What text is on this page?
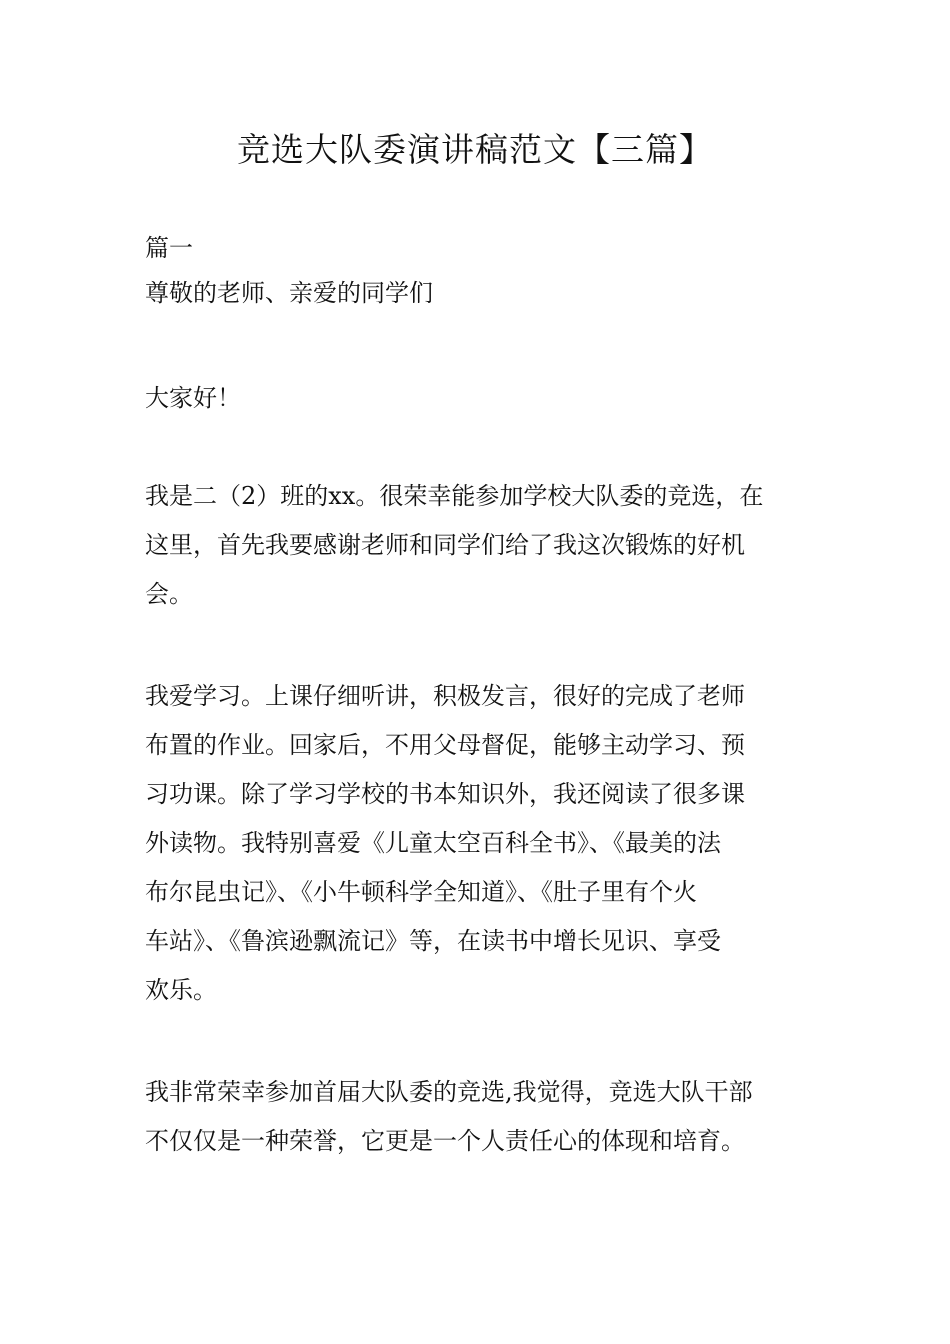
竞选大队委演讲稿范文【三篇】
篇一
尊敬的老师、亲爱的同学们
大家好！
我是二（2）班的xx。很荣幸能参加学校大队委的竞选，在
这里，首先我要感谢老师和同学们给了我这次锻炼的好机
会。
我爱学习。上课仔细听讲，积极发言，很好的完成了老师
布置的作业。回家后，不用父母督促，能够主动学习、预
习功课。除了学习学校的书本知识外，我还阅读了很多课
外读物。我特别喜爱《儿童太空百科全书》、《最美的法
布尔昆虫记》、《小牛顿科学全知道》、《肚子里有个火
车站》、《鲁滨逊飘流记》等，在读书中增长见识、享受
欢乐。
我非常荣幸参加首届大队委的竞选,我觉得，竞选大队干部
不仅仅是一种荣誉，它更是一个人责任心的体现和培育。
